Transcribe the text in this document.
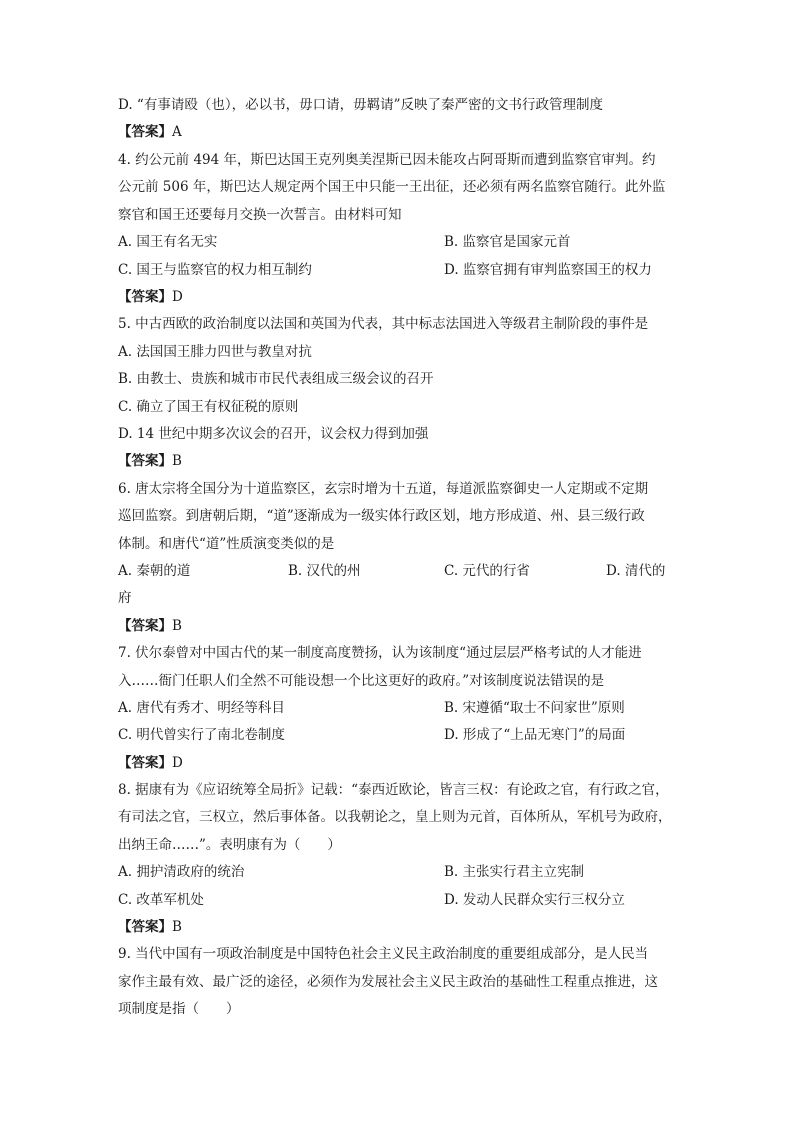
D. “有事请殴（也），必以书，毋口请，毋羁请”反映了秦严密的文书行政管理制度
【答案】A
4. 约公元前 494 年，斯巴达国王克列奥美涅斯已因未能攻占阿哥斯而遭到监察官审判。约
公元前 506 年，斯巴达人规定两个国王中只能一王出征，还必须有两名监察官随行。此外监
察官和国王还要每月交换一次誓言。由材料可知
A. 国王有名无实	B. 监察官是国家元首
C. 国王与监察官的权力相互制约	D. 监察官拥有审判监察国王的权力
【答案】D
5. 中古西欧的政治制度以法国和英国为代表，其中标志法国进入等级君主制阶段的事件是
A. 法国国王腓力四世与教皇对抗
B. 由教士、贵族和城市市民代表组成三级会议的召开
C. 确立了国王有权征税的原则
D. 14 世纪中期多次议会的召开，议会权力得到加强
【答案】B
6. 唐太宗将全国分为十道监察区，玄宗时增为十五道，每道派监察御史一人定期或不定期
巡回监察。到唐朝后期，“道”逐渐成为一级实体行政区划，地方形成道、州、县三级行政
体制。和唐代“道”性质演变类似的是
A. 秦朝的道	B. 汉代的州	C. 元代的行省	D. 清代的
府
【答案】B
7. 伏尔泰曾对中国古代的某一制度高度赞扬，认为该制度“通过层层严格考试的人才能进
入……衙门任职人们全然不可能设想一个比这更好的政府。”对该制度说法错误的是
A. 唐代有秀才、明经等科目	B. 宋遵循“取士不问家世”原则
C. 明代曾实行了南北卷制度	D. 形成了“上品无寒门”的局面
【答案】D
8. 据康有为《应诏统筹全局折》记载：“泰西近欧论，皆言三权：有论政之官，有行政之官，
有司法之官，三权立，然后事体备。以我朝论之，皇上则为元首，百体所从，军机号为政府，
出纳王命……”。表明康有为（　　）
A. 拥护清政府的统治	B. 主张实行君主立宪制
C. 改革军机处	D. 发动人民群众实行三权分立
【答案】B
9. 当代中国有一项政治制度是中国特色社会主义民主政治制度的重要组成部分，是人民当
家作主最有效、最广泛的途径，必须作为发展社会主义民主政治的基础性工程重点推进，这
项制度是指（　　）
